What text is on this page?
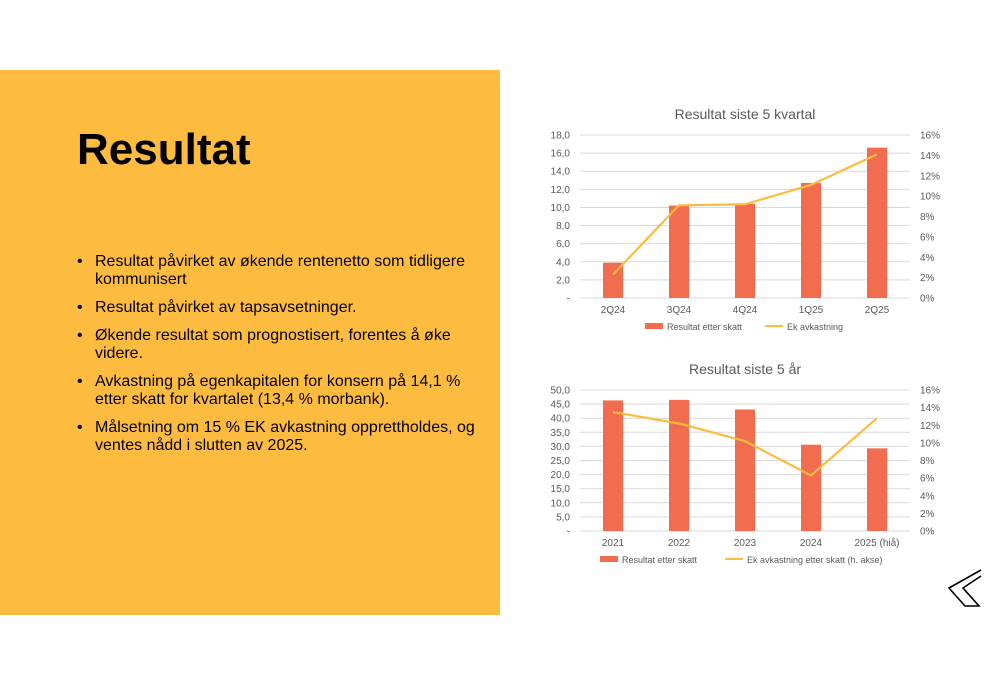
Resultat
• Resultat påvirket av økende rentenetto som tidligere kommunisert
• Resultat påvirket av tapsavsetninger.
• Økende resultat som prognostisert, forentes å øke videre.
• Avkastning på egenkapitalen for konsern på 14,1 % etter skatt for kvartalet (13,4 % morbank).
• Målsetning om 15 % EK avkastning opprettholdes, og ventes nådd i slutten av 2025.
Resultat siste 5 kvartal
-
2,0
4,0
6,0
8,0
10,0
12,0
14,0
16,0
18,0
0%
2%
4%
6%
8%
10%
12%
14%
16%
2Q24	3Q24	4Q24	1Q25	2Q25
Resultat etter skatt	Ek avkastning
Resultat siste 5 år
-
5,0
10,0
15,0
20,0
25,0
30,0
35,0
40,0
45,0
50,0
0%
2%
4%
6%
8%
10%
12%
14%
16%
2021	2022	2023	2024	2025 (hiå)
Resultat etter skatt	Ek avkastning etter skatt (h. akse)
